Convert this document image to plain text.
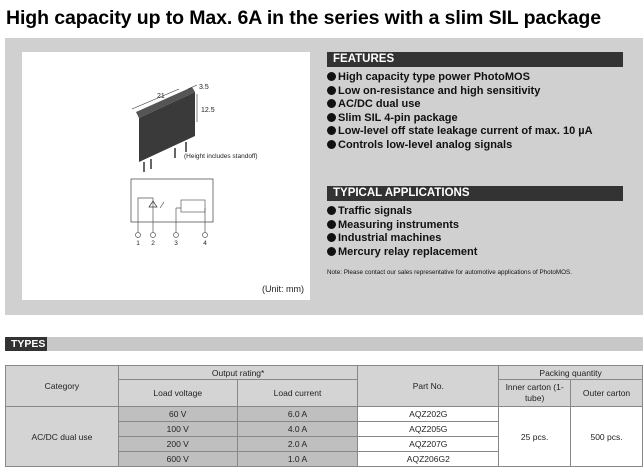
High capacity up to Max. 6A in the series with a slim SIL package
21
3.5
12.5
1 2	3	4
(Height includes standoff)
(Unit: mm)
FEATURES
High capacity type power PhotoMOS
Low on-resistance and high sensitivity
AC/DC dual use
Slim SIL 4-pin package
Low-level off state leakage current of max. 10 µA
Controls low-level analog signals
TYPICAL APPLICATIONS
Traffic signals
Measuring instruments
Industrial machines
Mercury relay replacement
Note: Please contact our sales representative for automotive applications of PhotoMOS.
TYPES
Category	Output rating*		Part No.	Packing quantity	
	Load voltage	Load current		Inner carton (1-tube)	Outer carton
AC/DC dual use	60 V	6.0 A	AQZ202G	25 pcs.	500 pcs.
	100 V	4.0 A	AQZ205G		
	200 V	2.0 A	AQZ207G		
	600 V	1.0 A	AQZ206G2		
